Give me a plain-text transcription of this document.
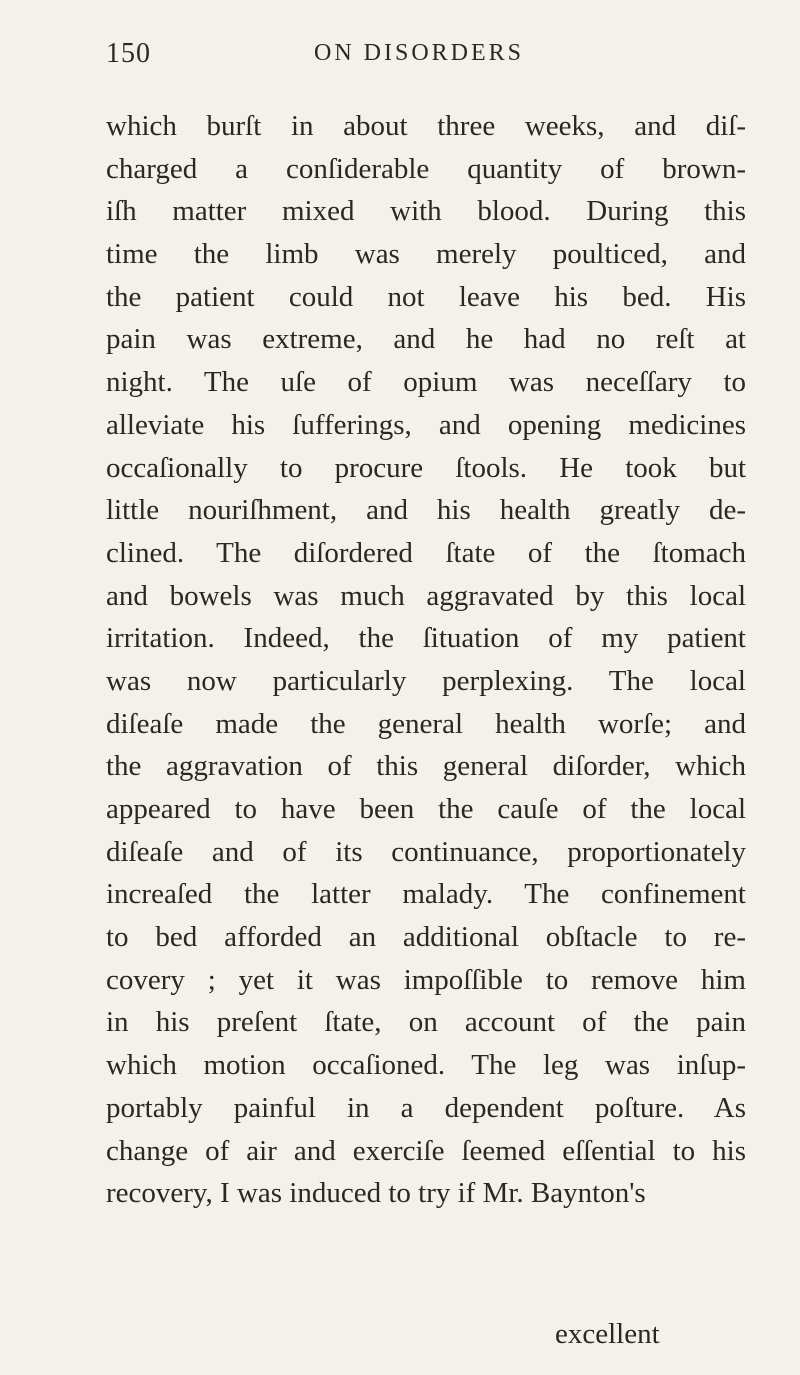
150	ON DISORDERS
which burſt in about three weeks, and diſ-
charged a conſiderable quantity of brown-
iſh matter mixed with blood. During this
time the limb was merely poulticed, and
the patient could not leave his bed. His
pain was extreme, and he had no reſt at
night. The uſe of opium was neceſſary to
alleviate his ſufferings, and opening medicines
occaſionally to procure ſtools. He took but
little nouriſhment, and his health greatly de-
clined. The diſordered ſtate of the ſtomach
and bowels was much aggravated by this local
irritation. Indeed, the ſituation of my patient
was now particularly perplexing. The local
diſeaſe made the general health worſe; and
the aggravation of this general diſorder, which
appeared to have been the cauſe of the local
diſeaſe and of its continuance, proportionately
increaſed the latter malady. The confinement
to bed afforded an additional obſtacle to re-
covery ; yet it was impoſſible to remove him
in his preſent ſtate, on account of the pain
which motion occaſioned. The leg was inſup-
portably painful in a dependent poſture. As
change of air and exerciſe ſeemed eſſential to his
recovery, I was induced to try if Mr. Baynton's
excellent
